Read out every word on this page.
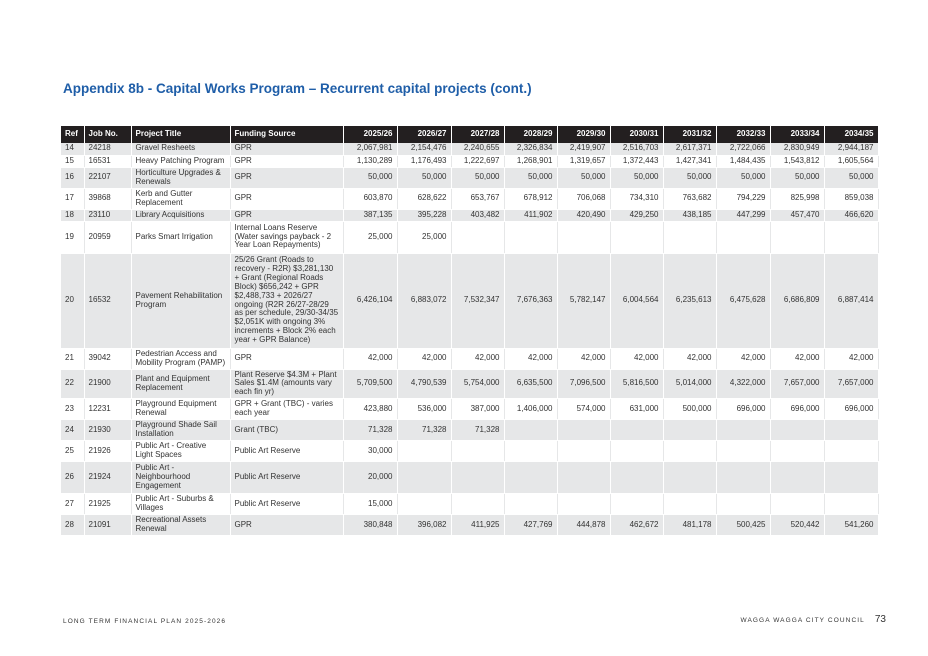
Appendix 8b - Capital Works Program – Recurrent capital projects (cont.)
Ref	Job No.	Project Title	Funding Source	2025/26	2026/27	2027/28	2028/29	2029/30	2030/31	2031/32	2032/33	2033/34	2034/35
14	24218	Gravel Resheets	GPR	2,067,981	2,154,476	2,240,655	2,326,834	2,419,907	2,516,703	2,617,371	2,722,066	2,830,949	2,944,187
15	16531	Heavy Patching Program	GPR	1,130,289	1,176,493	1,222,697	1,268,901	1,319,657	1,372,443	1,427,341	1,484,435	1,543,812	1,605,564
16	22107	Horticulture Upgrades & Renewals	GPR	50,000	50,000	50,000	50,000	50,000	50,000	50,000	50,000	50,000	50,000
17	39868	Kerb and Gutter Replacement	GPR	603,870	628,622	653,767	678,912	706,068	734,310	763,682	794,229	825,998	859,038
18	23110	Library Acquisitions	GPR	387,135	395,228	403,482	411,902	420,490	429,250	438,185	447,299	457,470	466,620
19	20959	Parks Smart Irrigation	Internal Loans Reserve (Water savings payback - 2 Year Loan Repayments)	25,000	25,000								
20	16532	Pavement Rehabilitation Program	25/26 Grant (Roads to recovery - R2R) $3,281,130 + Grant (Regional Roads Block) $656,242 + GPR $2,488,733 + 2026/27 ongoing (R2R 26/27-28/29 as per schedule, 29/30-34/35 $2,051K with ongoing 3% increments + Block 2% each year + GPR Balance)	6,426,104	6,883,072	7,532,347	7,676,363	5,782,147	6,004,564	6,235,613	6,475,628	6,686,809	6,887,414
21	39042	Pedestrian Access and Mobility Program (PAMP)	GPR	42,000	42,000	42,000	42,000	42,000	42,000	42,000	42,000	42,000	42,000
22	21900	Plant and Equipment Replacement	Plant Reserve $4.3M + Plant Sales $1.4M (amounts vary each fin yr)	5,709,500	4,790,539	5,754,000	6,635,500	7,096,500	5,816,500	5,014,000	4,322,000	7,657,000	7,657,000
23	12231	Playground Equipment Renewal	GPR + Grant (TBC) - varies each year	423,880	536,000	387,000	1,406,000	574,000	631,000	500,000	696,000	696,000	696,000
24	21930	Playground Shade Sail Installation	Grant (TBC)	71,328	71,328	71,328							
25	21926	Public Art - Creative Light Spaces	Public Art Reserve	30,000									
26	21924	Public Art - Neighbourhood Engagement	Public Art Reserve	20,000									
27	21925	Public Art - Suburbs & Villages	Public Art Reserve	15,000									
28	21091	Recreational Assets Renewal	GPR	380,848	396,082	411,925	427,769	444,878	462,672	481,178	500,425	520,442	541,260
LONG TERM FINANCIAL PLAN 2025-2026	WAGGA WAGGA CITY COUNCIL 73
